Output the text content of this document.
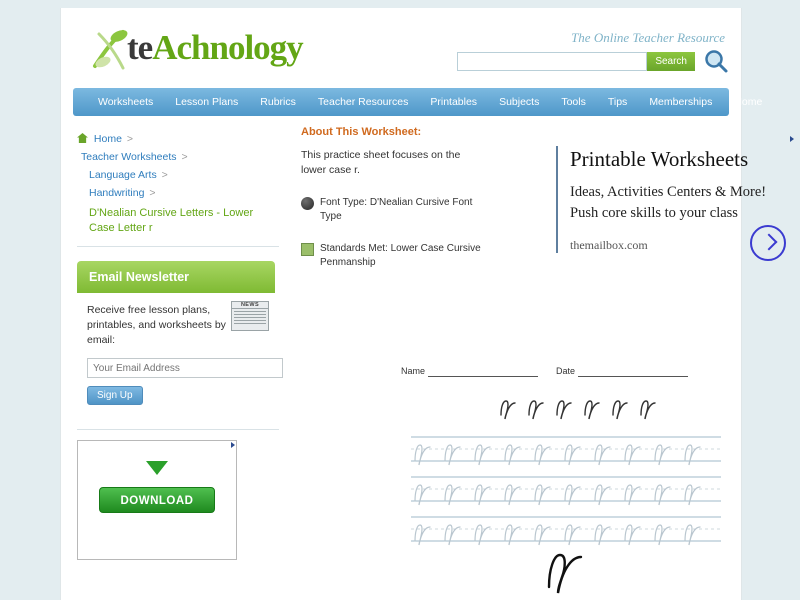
teAchnology	The Online Teacher Resource
Search
Worksheets	Lesson Plans	Rubrics	Teacher Resources	Printables	Subjects	Tools	Tips	Memberships	Home
Home >
Teacher Worksheets >
Language Arts >
Handwriting >
D'Nealian Cursive Letters - Lower Case Letter r
Email Newsletter
NEWS
Receive free lesson plans, printables, and worksheets by email:
Your Email Address Sign Up
DOWNLOAD
About This Worksheet:
This practice sheet focuses on the lower case r.
Font Type: D'Nealian Cursive Font Type
Standards Met: Lower Case Cursive Penmanship
Printable Worksheets
Ideas, Activities Centers & More! Push core skills to your class
themailbox.com
Name	Date
